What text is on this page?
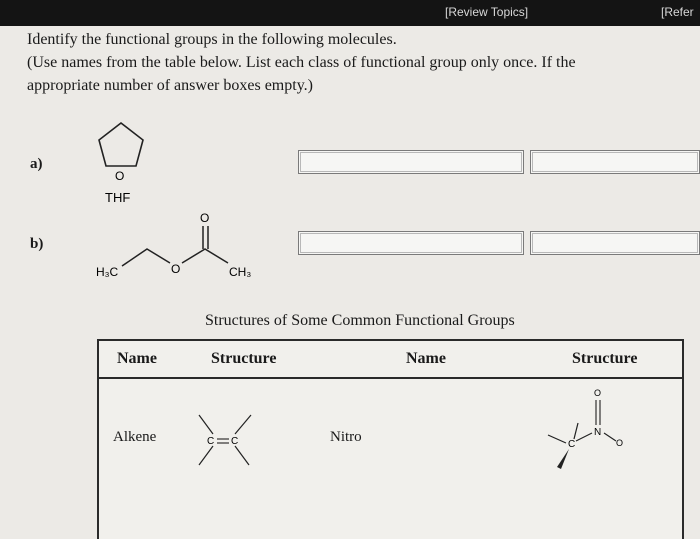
[Review Topics]	[Refer
Identify the functional groups in the following molecules.
(Use names from the table below. List each class of functional group only once. If the
appropriate number of answer boxes empty.)
a)
O
THF
b)
O
O
H₃C	CH₃
Structures of Some Common Functional Groups
Name	Structure	Name	Structure
Alkene	C C	Nitro
O
N
O
C
